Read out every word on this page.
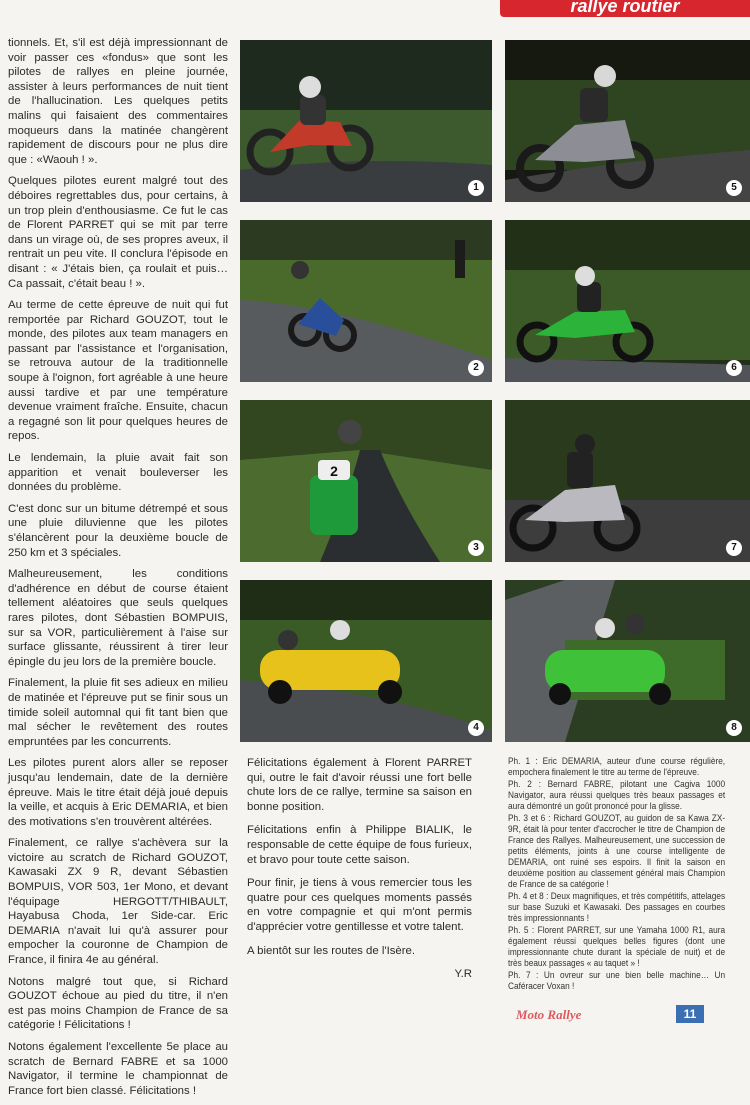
rallye routier

tionnels. Et, s'il est déjà impressionnant de voir passer ces «fondus» que sont les pilotes de rallyes en pleine journée, assister à leurs performances de nuit tient de l'hallucination. Les quelques petits malins qui faisaient des commentaires moqueurs dans la matinée changèrent rapidement de discours pour ne plus dire que : «Waouh ! ».

Quelques pilotes eurent malgré tout des déboires regrettables dus, pour certains, à un trop plein d'enthousiasme. Ce fut le cas de Florent PARRET qui se mit par terre dans un virage où, de ses propres aveux, il rentrait un peu vite. Il conclura l'épisode en disant : « J'étais bien, ça roulait et puis… Ca passait, c'était beau ! ».

Au terme de cette épreuve de nuit qui fut remportée par Richard GOUZOT, tout le monde, des pilotes aux team managers en passant par l'assistance et l'organisation, se retrouva autour de la traditionnelle soupe à l'oignon, fort agréable à une heure aussi tardive et par une température devenue vraiment fraîche. Ensuite, chacun a regagné son lit pour quelques heures de repos.

Le lendemain, la pluie avait fait son apparition et venait bouleverser les données du problème.

C'est donc sur un bitume détrempé et sous une pluie diluvienne que les pilotes s'élancèrent pour la deuxième boucle de 250 km et 3 spéciales.

Malheureusement, les conditions d'adhérence en début de course étaient tellement aléatoires que seuls quelques rares pilotes, dont Sébastien BOMPUIS, sur sa VOR, particulièrement à l'aise sur surface glissante, réussirent à tirer leur épingle du jeu lors de la première boucle.

Finalement, la pluie fit ses adieux en milieu de matinée et l'épreuve put se finir sous un timide soleil automnal qui fit tant bien que mal sécher le revêtement des routes empruntées par les concurrents.

Les pilotes purent alors aller se reposer jusqu'au lendemain, date de la dernière épreuve. Mais le titre était déjà joué depuis la veille, et acquis à Eric DEMARIA, et bien des motivations s'en trouvèrent altérées.

Finalement, ce rallye s'achèvera sur la victoire au scratch de Richard GOUZOT, Kawasaki ZX 9 R, devant Sébastien BOMPUIS, VOR 503, 1er Mono, et devant l'équipage HERGOTT/THIBAULT, Hayabusa Choda, 1er Side-car. Eric DEMARIA n'avait lui qu'à assurer pour empocher la couronne de Champion de France, il finira 4e au général.

Notons malgré tout que, si Richard GOUZOT échoue au pied du titre, il n'en est pas moins Champion de France de sa catégorie ! Félicitations !

Notons également l'excellente 5e place au scratch de Bernard FABRE et sa 1000 Navigator, il termine le championnat de France fort bien classé. Félicitations !

1	5
2	6
2
3	7
4	8

Félicitations également à Florent PARRET qui, outre le fait d'avoir réussi une fort belle chute lors de ce rallye, termine sa saison en bonne position.

Félicitations enfin à Philippe BIALIK, le responsable de cette équipe de fous furieux, et bravo pour toute cette saison.

Pour finir, je tiens à vous remercier tous les quatre pour ces quelques moments passés en votre compagnie et qui m'ont permis d'apprécier votre gentillesse et votre talent.

A bientôt sur les routes de l'Isère.

Y.R

Ph. 1 : Eric DEMARIA, auteur d'une course régulière, empochera finalement le titre au terme de l'épreuve.

Ph. 2 : Bernard FABRE, pilotant une Cagiva 1000 Navigator, aura réussi quelques très beaux passages et aura démontré un goût prononcé pour la glisse.

Ph. 3 et 6 : Richard GOUZOT, au guidon de sa Kawa ZX-9R, était là pour tenter d'accrocher le titre de Champion de France des Rallyes. Malheureusement, une succession de petits éléments, joints à une course intelligente de DEMARIA, ont ruiné ses espoirs. Il finit la saison en deuxième position au classement général mais Champion de France de sa catégorie !

Ph. 4 et 8 : Deux magnifiques, et très compétitifs, attelages sur base Suzuki et Kawasaki. Des passages en courbes très impressionnants !

Ph. 5 : Florent PARRET, sur une Yamaha 1000 R1, aura également réussi quelques belles figures (dont une impressionnante chute durant la spéciale de nuit) et de très beaux passages « au taquet » !

Ph. 7 : Un ovreur sur une bien belle machine… Un Caféracer Voxan !

Moto Rallye	11
